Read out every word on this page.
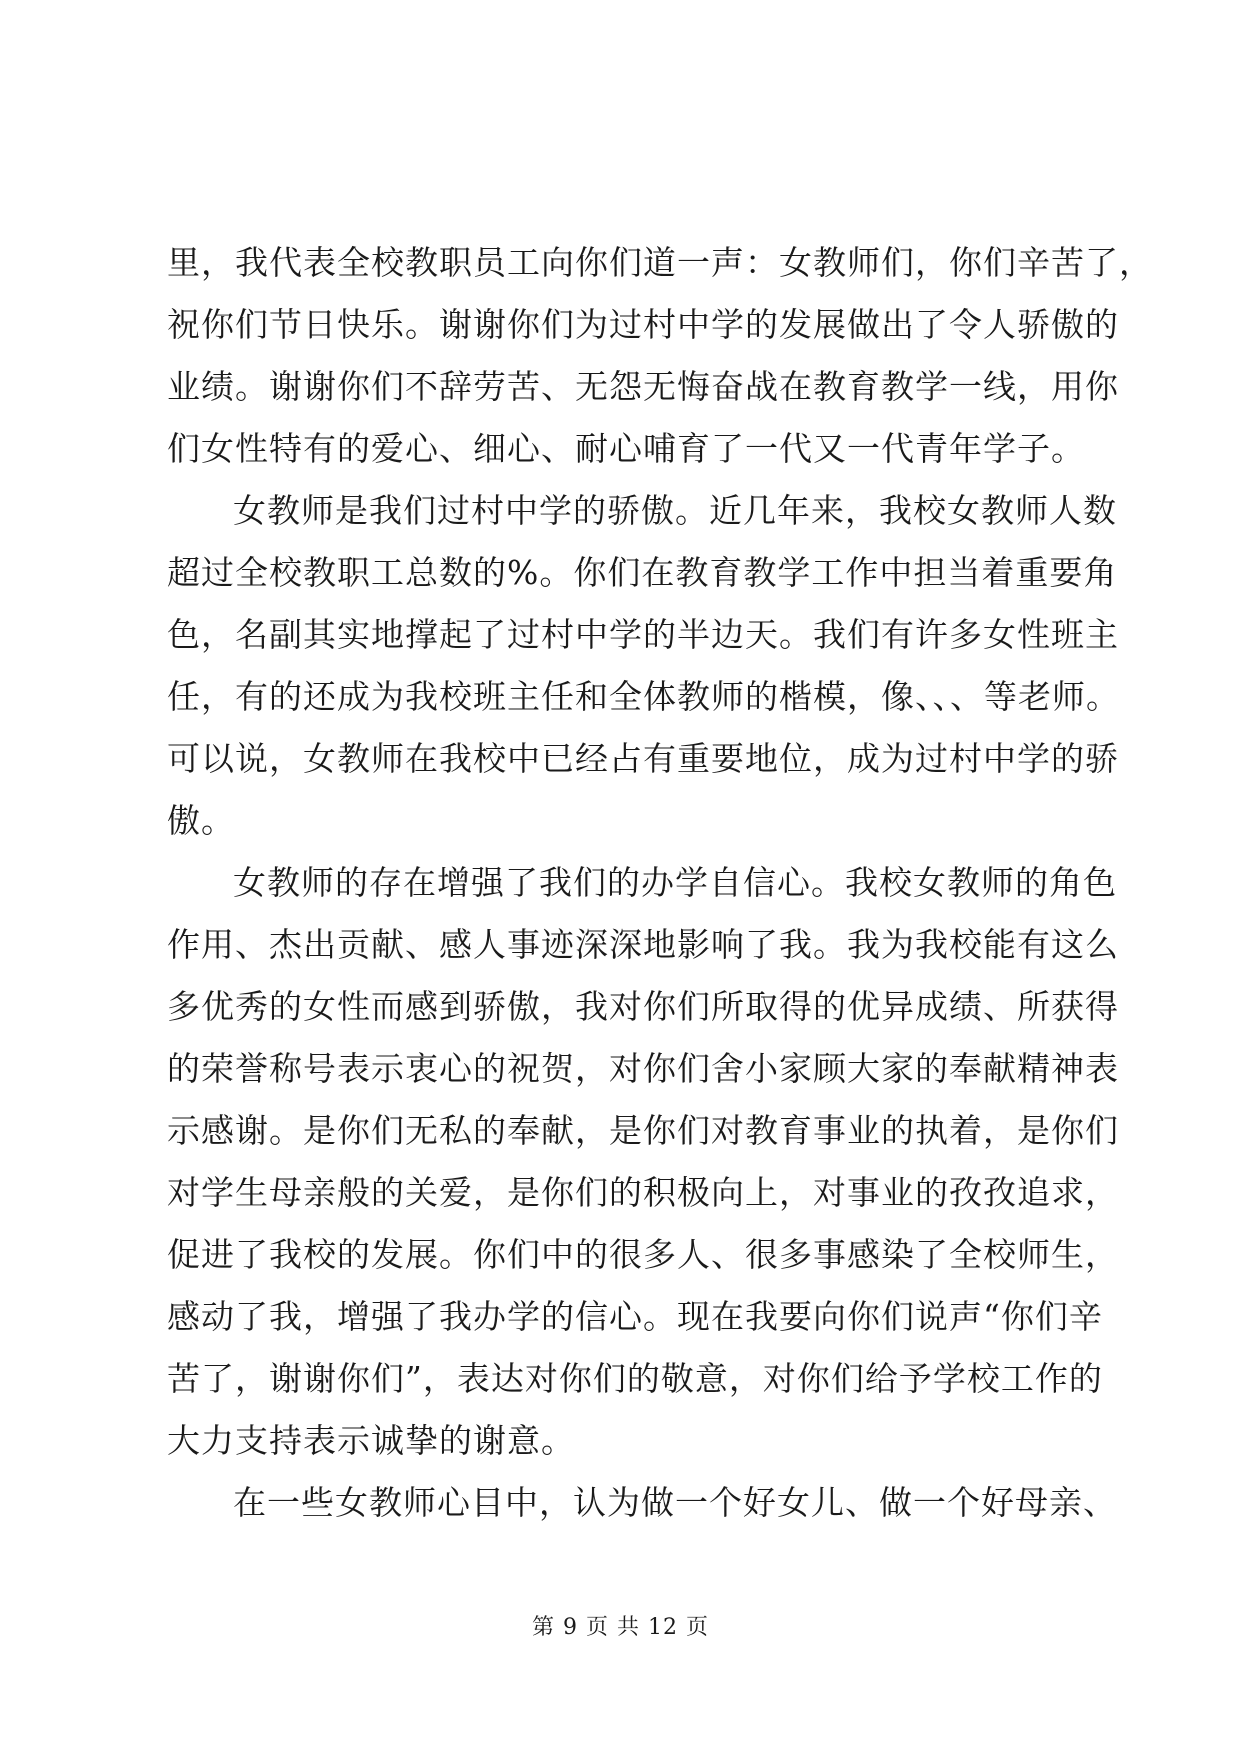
里，我代表全校教职员工向你们道一声：女教师们，你们辛苦了，
祝你们节日快乐。谢谢你们为过村中学的发展做出了令人骄傲的
业绩。谢谢你们不辞劳苦、无怨无悔奋战在教育教学一线，用你
们女性特有的爱心、细心、耐心哺育了一代又一代青年学子。
女教师是我们过村中学的骄傲。近几年来，我校女教师人数
超过全校教职工总数的%。你们在教育教学工作中担当着重要角
色，名副其实地撑起了过村中学的半边天。我们有许多女性班主
任，有的还成为我校班主任和全体教师的楷模，像、、、等老师。
可以说，女教师在我校中已经占有重要地位，成为过村中学的骄
傲。
女教师的存在增强了我们的办学自信心。我校女教师的角色
作用、杰出贡献、感人事迹深深地影响了我。我为我校能有这么
多优秀的女性而感到骄傲，我对你们所取得的优异成绩、所获得
的荣誉称号表示衷心的祝贺，对你们舍小家顾大家的奉献精神表
示感谢。是你们无私的奉献，是你们对教育事业的执着，是你们
对学生母亲般的关爱，是你们的积极向上，对事业的孜孜追求，
促进了我校的发展。你们中的很多人、很多事感染了全校师生，
感动了我，增强了我办学的信心。现在我要向你们说声“你们辛
苦了，谢谢你们”，表达对你们的敬意，对你们给予学校工作的
大力支持表示诚挚的谢意。
在一些女教师心目中，认为做一个好女儿、做一个好母亲、
第 9 页 共 12 页
